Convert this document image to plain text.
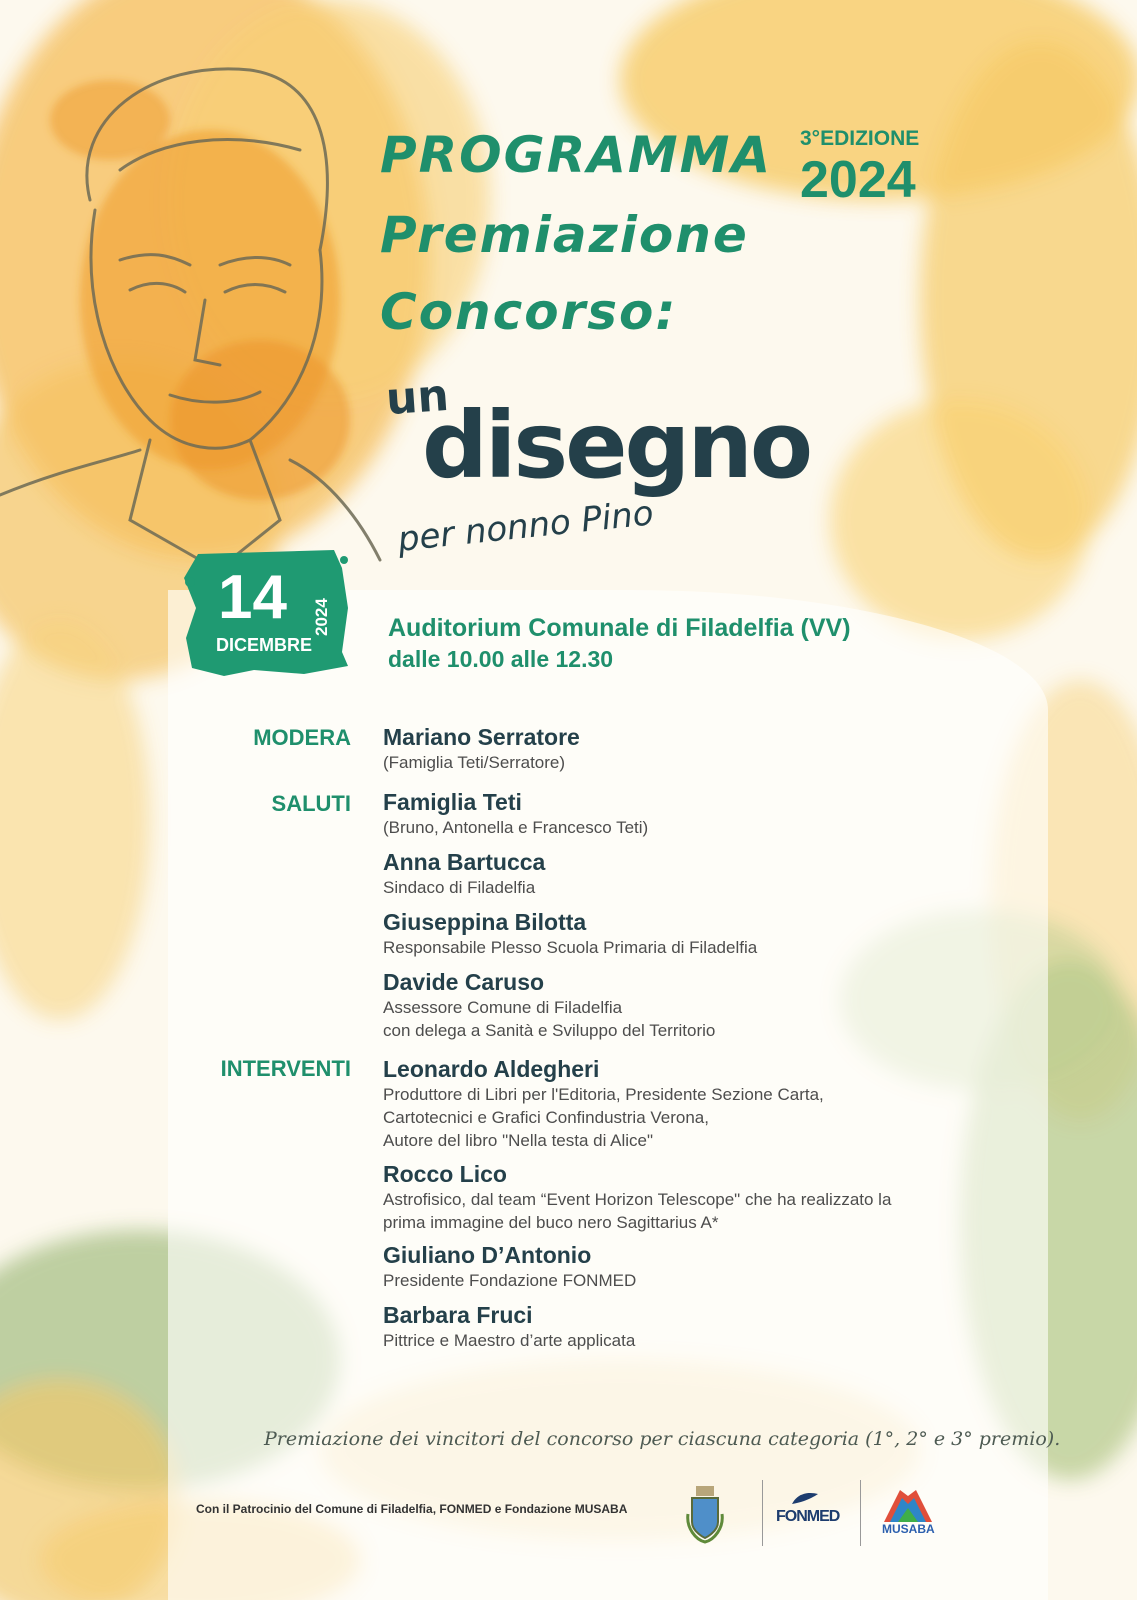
PROGRAMMA
Premiazione
Concorso:
3°EDIZIONE
2024
un
disegno
per nonno Pino
14 2024
DICEMBRE
Auditorium Comunale di Filadelfia (VV)
dalle 10.00 alle 12.30
MODERA
SALUTI
INTERVENTI
Mariano Serratore
(Famiglia Teti/Serratore)
Famiglia Teti
(Bruno, Antonella e Francesco Teti)
Anna Bartucca
Sindaco di Filadelfia
Giuseppina Bilotta
Responsabile Plesso Scuola Primaria di Filadelfia
Davide Caruso
Assessore Comune di Filadelfia
con delega a Sanità e Sviluppo del Territorio
Leonardo Aldegheri
Produttore di Libri per l'Editoria, Presidente Sezione Carta,
Cartotecnici e Grafici Confindustria Verona,
Autore del libro "Nella testa di Alice"
Rocco Lico
Astrofisico, dal team “Event Horizon Telescope" che ha realizzato la
prima immagine del buco nero Sagittarius A*
Giuliano D’Antonio
Presidente Fondazione FONMED
Barbara Fruci
Pittrice e Maestro d’arte applicata
Premiazione dei vincitori del concorso per ciascuna categoria (1°, 2° e 3° premio).
Con il Patrocinio del Comune di Filadelfia, FONMED e Fondazione MUSABA	FONMED
MUSABA
